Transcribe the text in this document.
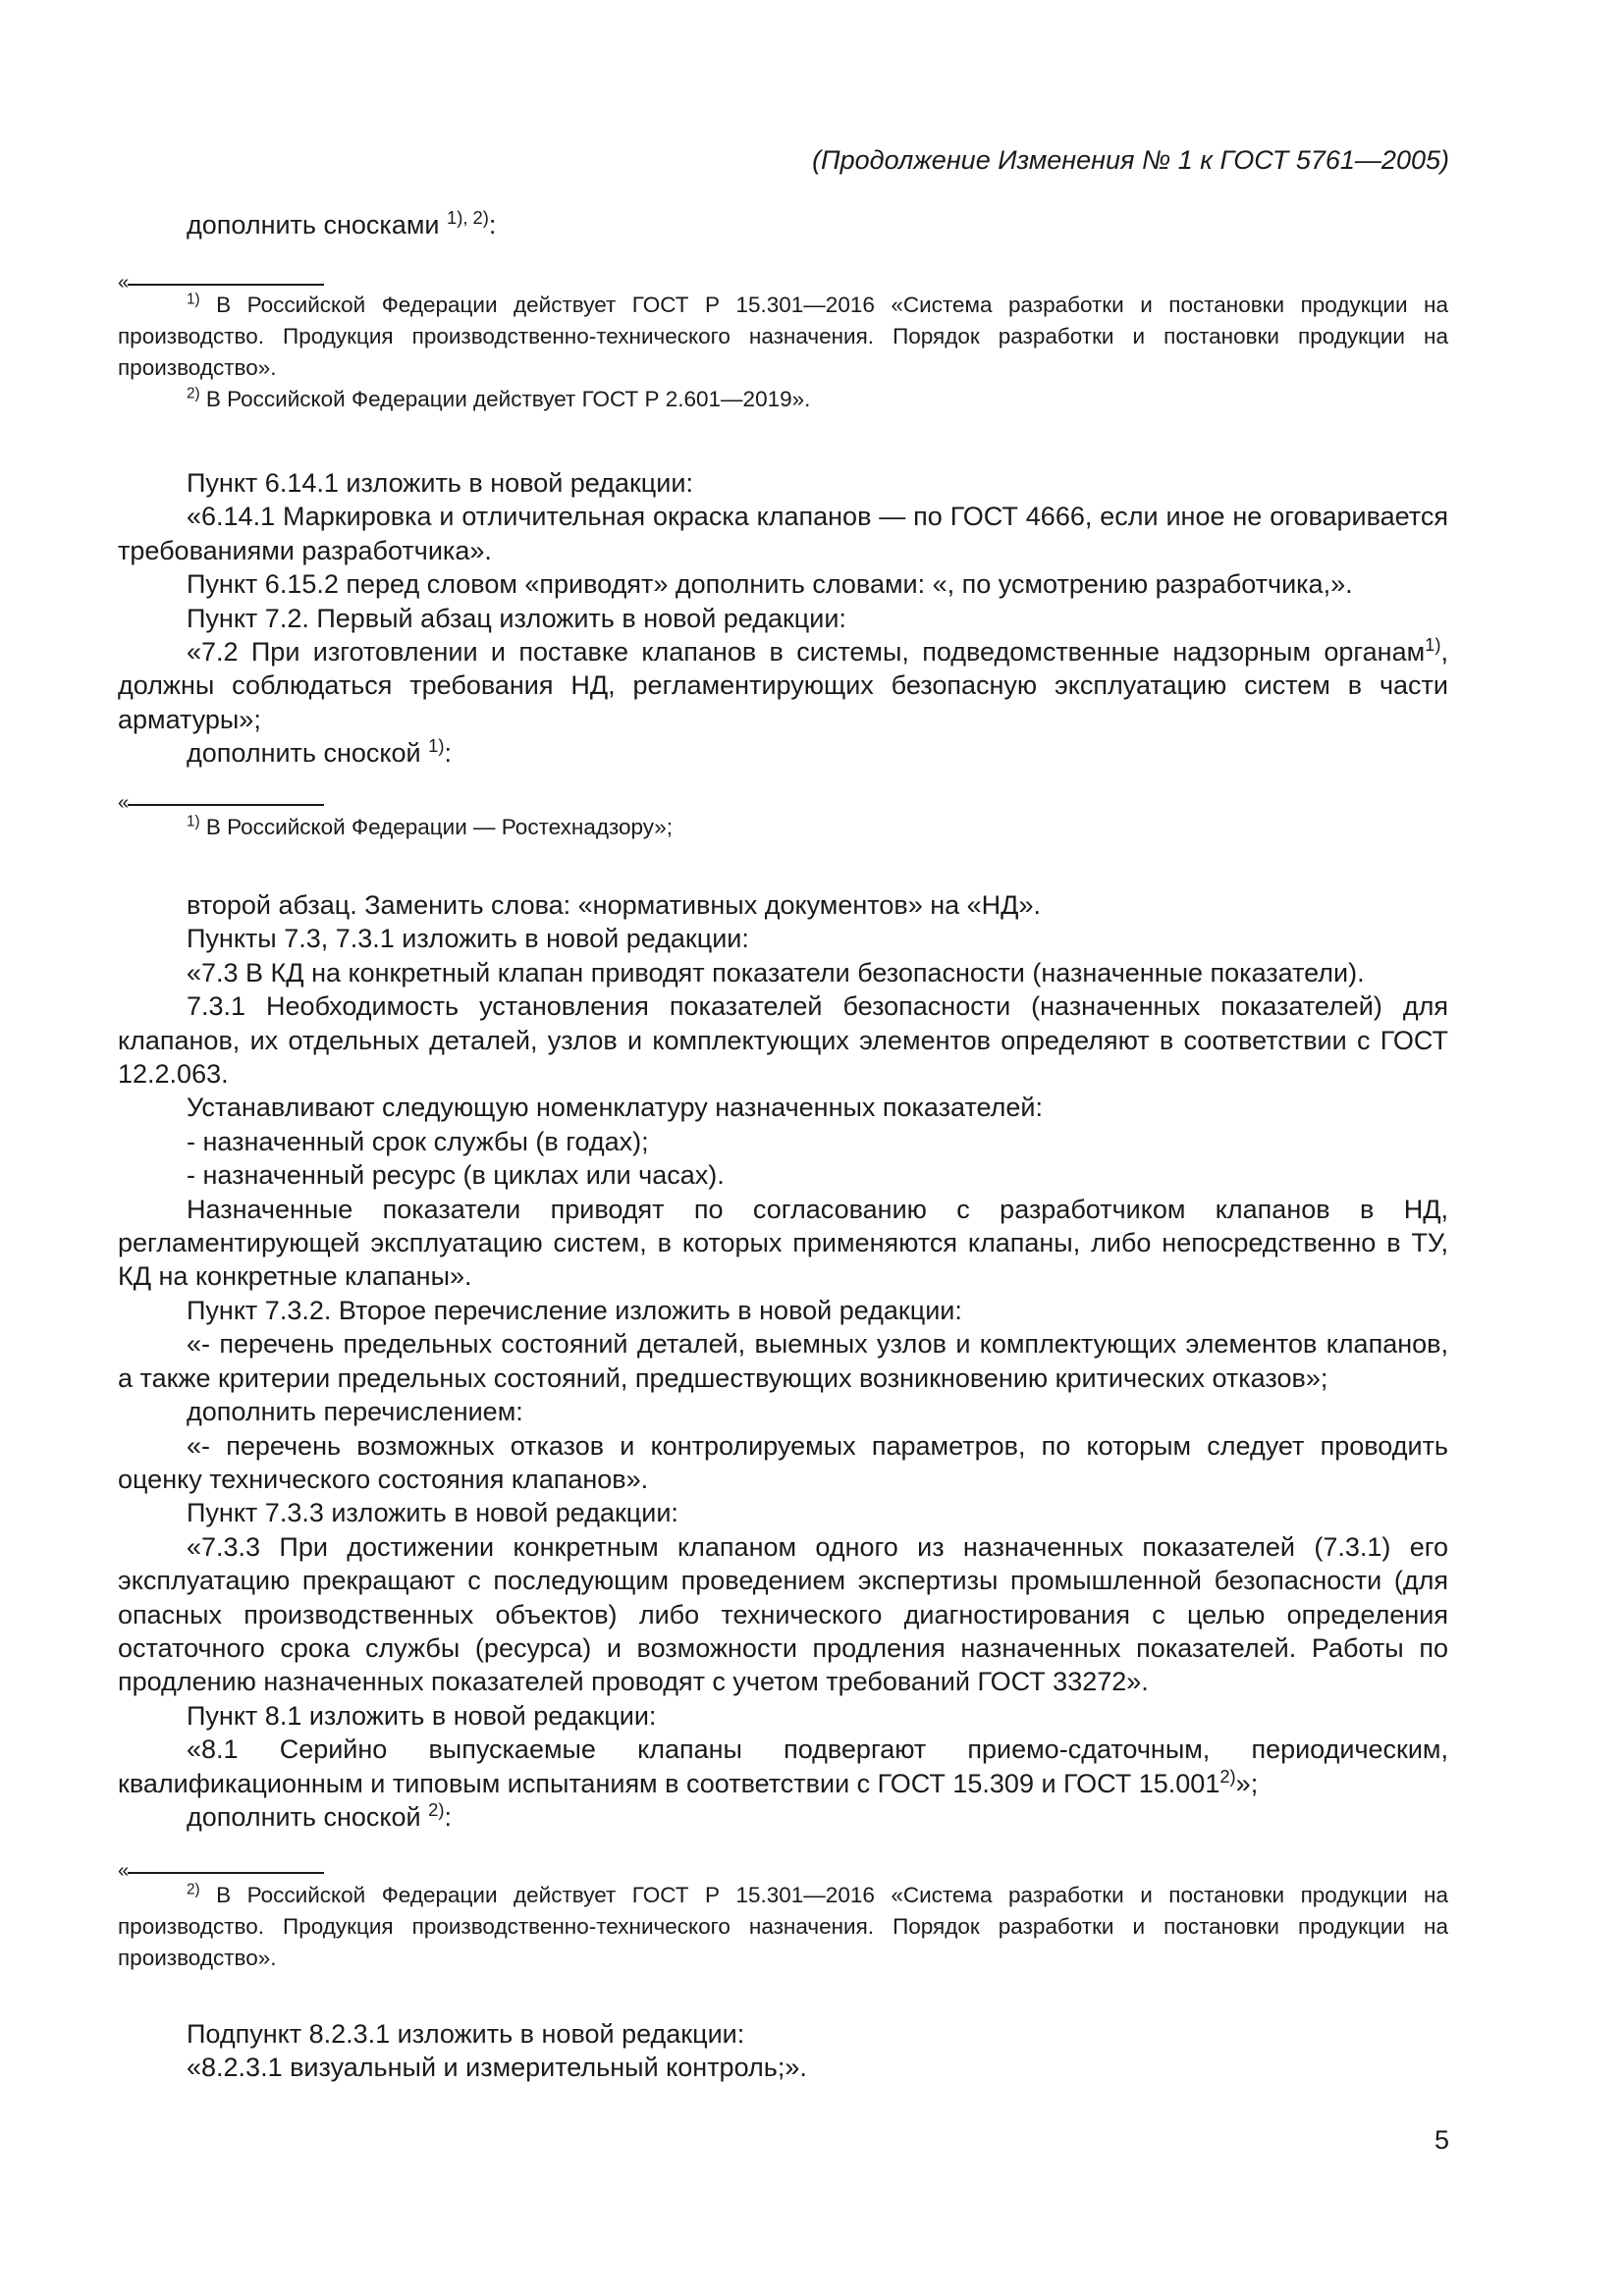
(Продолжение Изменения № 1 к ГОСТ 5761—2005)

дополнить сносками $^{1), 2)}$:

«

$^{1)}$ В Российской Федерации действует ГОСТ Р 15.301—2016 «Система разработки и постановки продукции на производство. Продукция производственно-технического назначения. Порядок разработки и постановки продукции на производство».

$^{2)}$ В Российской Федерации действует ГОСТ Р 2.601—2019».

Пункт 6.14.1 изложить в новой редакции:

«6.14.1 Маркировка и отличительная окраска клапанов — по ГОСТ 4666, если иное не оговаривается требованиями разработчика».

Пункт 6.15.2 перед словом «приводят» дополнить словами: «, по усмотрению разработчика,».

Пункт 7.2. Первый абзац изложить в новой редакции:

«7.2 При изготовлении и поставке клапанов в системы, подведомственные надзорным органам$^{1)}$, должны соблюдаться требования НД, регламентирующих безопасную эксплуатацию систем в части арматуры»;

дополнить сноской $^{1)}$:

«

$^{1)}$ В Российской Федерации — Ростехнадзору»;

второй абзац. Заменить слова: «нормативных документов» на «НД».

Пункты 7.3, 7.3.1 изложить в новой редакции:

«7.3 В КД на конкретный клапан приводят показатели безопасности (назначенные показатели).

7.3.1 Необходимость установления показателей безопасности (назначенных показателей) для клапанов, их отдельных деталей, узлов и комплектующих элементов определяют в соответствии с ГОСТ 12.2.063.

Устанавливают следующую номенклатуру назначенных показателей:

- назначенный срок службы (в годах);

- назначенный ресурс (в циклах или часах).

Назначенные показатели приводят по согласованию с разработчиком клапанов в НД, регламентирующей эксплуатацию систем, в которых применяются клапаны, либо непосредственно в ТУ, КД на конкретные клапаны».

Пункт 7.3.2. Второе перечисление изложить в новой редакции:

«- перечень предельных состояний деталей, выемных узлов и комплектующих элементов клапанов, а также критерии предельных состояний, предшествующих возникновению критических отказов»;

дополнить перечислением:

«- перечень возможных отказов и контролируемых параметров, по которым следует проводить оценку технического состояния клапанов».

Пункт 7.3.3 изложить в новой редакции:

«7.3.3 При достижении конкретным клапаном одного из назначенных показателей (7.3.1) его эксплуатацию прекращают с последующим проведением экспертизы промышленной безопасности (для опасных производственных объектов) либо технического диагностирования с целью определения остаточного срока службы (ресурса) и возможности продления назначенных показателей. Работы по продлению назначенных показателей проводят с учетом требований ГОСТ 33272».

Пункт 8.1 изложить в новой редакции:

«8.1 Серийно выпускаемые клапаны подвергают приемо-сдаточным, периодическим, квалификационным и типовым испытаниям в соответствии с ГОСТ 15.309 и ГОСТ 15.001$^{2)}$»;

дополнить сноской $^{2)}$:

«

$^{2)}$ В Российской Федерации действует ГОСТ Р 15.301—2016 «Система разработки и постановки продукции на производство. Продукция производственно-технического назначения. Порядок разработки и постановки продукции на производство».

Подпункт 8.2.3.1 изложить в новой редакции:

«8.2.3.1 визуальный и измерительный контроль;».

5
